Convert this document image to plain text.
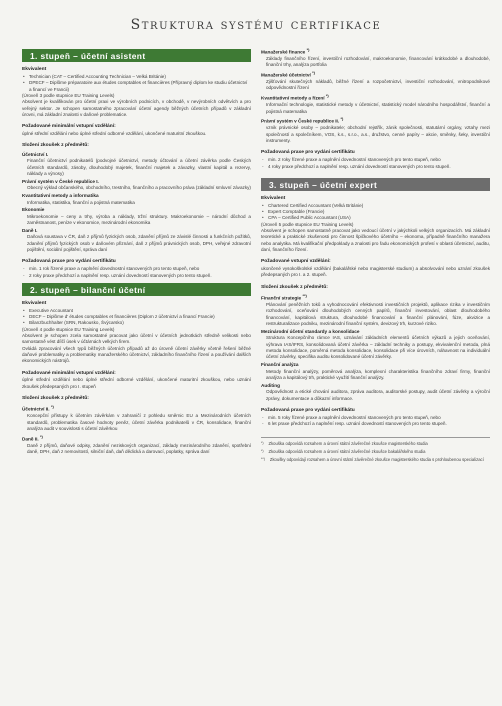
Struktura systému certifikace
1. stupeň – účetní asistent
Ekvivalent
• Technician (CAT – Certified Accounting Technician – Velká Británie)
• DPECF – Diplôme préparatoire aux études comptables et financières (Přípravný diplom ke studiu účetnictví a financí ve Francii)
(Úroveň 3 podle stupnice EU Training Levels)
Absolvent je kvalifikován pro účetní praxi ve výrobních podnicích, v obchodě, v nevýrobních odvětvích a pro veřejný sektor. Je schopen samostatného zpracování účetní agendy běžných účetních případů v základní úrovni, má základní znalosti v daňové problematice.
Požadované minimální vstupní vzdělání:
úplné střední vzdělání nebo úplné střední odborné vzdělání, ukončené maturitní zkouškou.
Složení zkoušek z předmětů:
Účetnictví I.
Finanční účetnictví podnikatelů (podvojné účetnictví, metody účtování a účetní závěrka podle Českých účetních standardů, zásoby, dlouhodobý majetek, finanční majetek a závazky, vlastní kapitál a rezervy, náklady a výnosy)
Právní systém v České republice I.
Obecný výklad občanského, obchodního, trestního, finančního a pracovního práva (základní smluvní závazky)
Kvantitativní metody a informatika
Informatika, statistika, finanční a pojistná matematika
Ekonomie
Mikroekonomie – ceny a trhy, výroba a náklady, tržní struktury. Makroekonomie – národní důchod a zaměstnanost, peníze v ekonomice, mezinárodní ekonomika
Daně I.
Daňová soustava v ČR, daň z příjmů fyzických osob, zdanění příjmů ze závislé činnosti a funkčních požitků, zdanění příjmů fyzických osob v daňovém přiznání, daň z příjmů právnických osob, DPH, veřejné zdravotní pojištění, sociální pojištění, správa daní
Požadovaná praxe pro vydání certifikátu
- min. 1 rok řízené praxe a naplnění dovednostní stanovených pro tento stupeň, nebo
- 2 roky praxe předchozí a naplnění resp. uznání dovedností stanovených pro tento stupeň.
2. stupeň – bilanční účetní
Ekvivalent
• Executive Accountant
• DECF – Diplôme d’ études comptables et financières (Diplom z účetnictví a financí Francie)
• Bilanzbuchhalter (SRN, Rakousko, Švýcarsko)
(Úroveň 4 podle stupnice EU Training Levels)
Absolvent je schopen zcela samostatné pracovat jako účetní v účetních jednotkách středně velikosti nebo samostatně vést dílčí úsek v účtárnách velkých firem.
Ovládá zpracování všech typů běžných účetních případů až do úrovně účetní závěrky včetně řešení běžné daňové problematiky a problematiky manažerského účetnictví, základního finančního řízení a používání dalších ekonomických nástrojů.
Požadované minimální vstupní vzdělání:
úplné střední vzdělání nebo úplné střední odborné vzdělání, ukončené maturitní zkouškou, nebo uznání zkoušek předepsaných pro I. stupeň
Složení zkoušek z předmětů:
Účetnictví II. *)
Koncepční přístupy k účetním závěrkám v zahraničí z pohledu směrnic EU a Mezinárodních účetních standardů, problematika časové hodnoty peněz, účetní závěrka podnikatelů v ČR, konsolidace, finanční analýza audit v souvislosti s účetní závěrkou
Daně II. *)
Daně z příjmů, daňové odpisy, zdanění neziskových organizací, základy mezinárodního zdanění, spotřební daně, DPH, daň z nemovitostí, silniční daň, daň dědická a darovací, poplatky, správa daní
Manažerské finance *)
Základy finančního řízení, investiční rozhodování, makroekonomie, financování krátkodobé a dlouhodobé, finanční trhy, analýza portfolia
Manažerské účetnictví *)
Zjišťování skutečných nákladů, běžné řízení a rozpočetnictví, investiční rozhodování, vnitropodnikové odpovědnostní řízení
Kvantitativní metody a řízení *)
Informační technologie, statistické metody v účetnictví, statistický model národního hospodářství, finanční a pojistná matematika
Právní systém v České republice II. *)
vznik právnické osoby – podnikatele; obchodní rejstřík, zánik společnosti, statutární orgány, vztahy mezi společností a společníkem, VOS, k.s., s.r.o., a.s., družstvo, cenné papíry – akcie, směnky, šeky, investiční instrumenty.
Požadovaná praxe pro vydání certifikátu
- min. 2 roky řízené praxe a naplnění dovednostní stanovených pro tento stupeň, nebo
- 4 roky praxe předchozí a naplnění resp. uznání dovedností stanovených pro tento stupeň.
3. stupeň – účetní expert
Ekvivalent
• Chartered Certified Accountant (Velká Británie)
• Expert Comptable (Francie)
• CPA – Certified Public Accountant (USA)
(Úroveň 5 podle stupnice EU Training Levels)
Absolvent je schopen samostatně pracovat jako vedoucí účetní v jakýchkoli velkých organizacích. Má základní teoretické a praktické zkušenosti pro činnost špičkového účetního – ekonoma, případně finančního manažera nebo analytika. Má kvalifikační předpoklady a znalosti pro řadu ekonomických profesí v oblasti účetnictví, auditu, daní, finančního řízení.
Požadované vstupní vzdělání:
ukončené vysokoškolské vzdělání (bakalářské nebo magisterské studium) a absolvování nebo uznání zkoušek předepsaných pro I. a 2. stupeň.
Složení zkoušek z předmětů:
Finanční strategie **)
Plánování peněžních toků a vyhodnocování efektivnosti investičních projektů, aplikace rizika v investičním rozhodování, oceňování dlouhodobých cenných papírů, finanční investování, oblast dlouhodobého financování, kapitálová struktura, dlouhodobé financování a finanční plánování, fúze, akvizice a restrukturalizace podniku, mezinárodní finanční systém, devizový trh, kurzové riziko.
Mezinárodní účetní standardy a konsolidace
Struktura Koncepčního rámce IAS, uznávání základních elementů účetních výkazů a jejich oceňování, výhrava IAS/IFRS, konsolidovaná účetní závěrka – základní techniky a postupy, ekvivalenční metoda, plná metoda konsolidace, poměrná metoda konsolidace, konsolidace při více úrovních, náhavnost na individuální účetní závěrky, specifika auditu konsolidované účetní závěrky.
Finanční analýza
Metody finanční analýzy, poměrová analýza, komplexní charakteristika finančního zdraví firmy, finanční analýza a kapitálový trh, praktické využití finanční analýzy.
Auditing
Odpovědnost a etické chování auditora, zpráva auditora, auditorské postupy, audit účetní závěrky a výroční zprávy, dokumentace a důkazní informace.
Požadovaná praxe pro vydání certifikátu
- min. 5 roky řízené praxe a naplnění dovednostní stanovených pro tento stupeň, nebo
- 6 let praxe předchozí a naplnění resp. uznání dovedností stanovených pro tento stupeň.
*) Zkouška odpovídá rozsahem a úrovní státní závěrečné zkoušce magisterského studia
*) Zkouška odpovídá rozsahem a úrovní státní závěrečné zkoušce bakalářského studia
**) Zkoušky odpovídají rozsahem a úrovní státní závěrečné zkoušce magisterského studia s prohloubenou specializací
